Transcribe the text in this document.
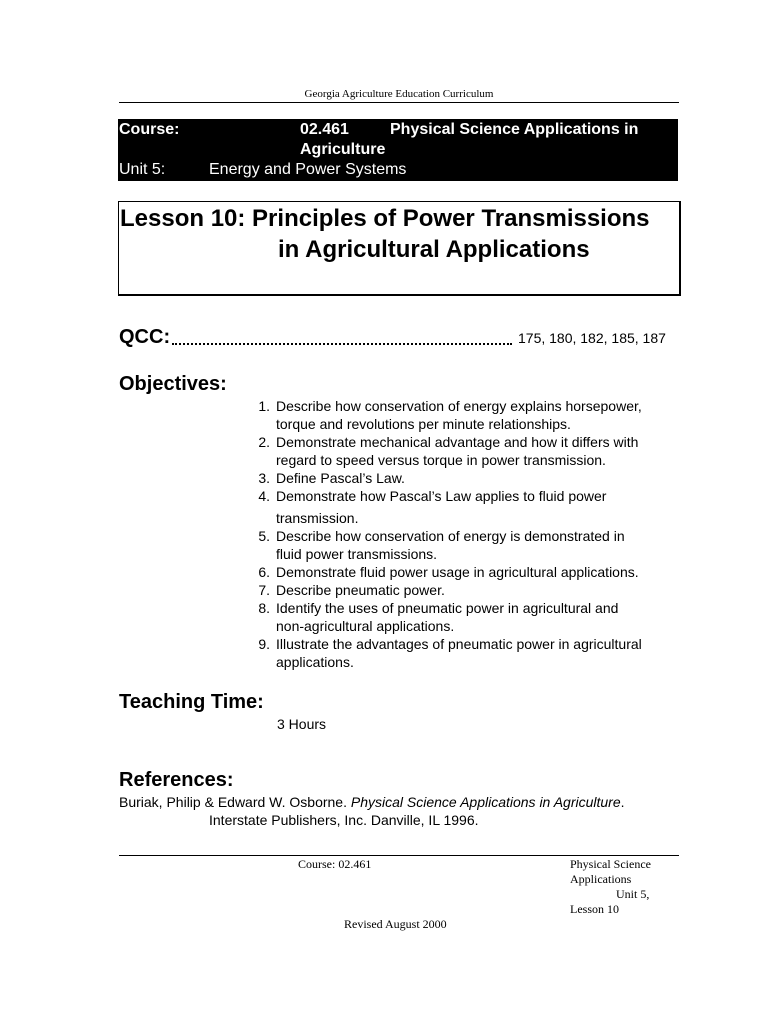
Georgia Agriculture Education Curriculum
Course:	02.461	Physical Science Applications in
Agriculture
Unit 5:	Energy and Power Systems
Lesson 10: Principles of Power Transmissions
in Agricultural Applications
QCC:	175, 180, 182, 185, 187
Objectives:
1. Describe how conservation of energy explains horsepower,
torque and revolutions per minute relationships.
2. Demonstrate mechanical advantage and how it differs with
regard to speed versus torque in power transmission.
3. Define Pascal’s Law.
4. Demonstrate how Pascal’s Law applies to fluid power
transmission.
5. Describe how conservation of energy is demonstrated in
fluid power transmissions.
6. Demonstrate fluid power usage in agricultural applications.
7. Describe pneumatic power.
8. Identify the uses of pneumatic power in agricultural and
non-agricultural applications.
9. Illustrate the advantages of pneumatic power in agricultural
applications.
Teaching Time:
3 Hours
References:
Buriak, Philip & Edward W. Osborne. Physical Science Applications in Agriculture.
Interstate Publishers, Inc. Danville, IL 1996.
Course: 02.461	Physical Science
Applications
Unit 5,
Lesson 10
Revised August 2000
